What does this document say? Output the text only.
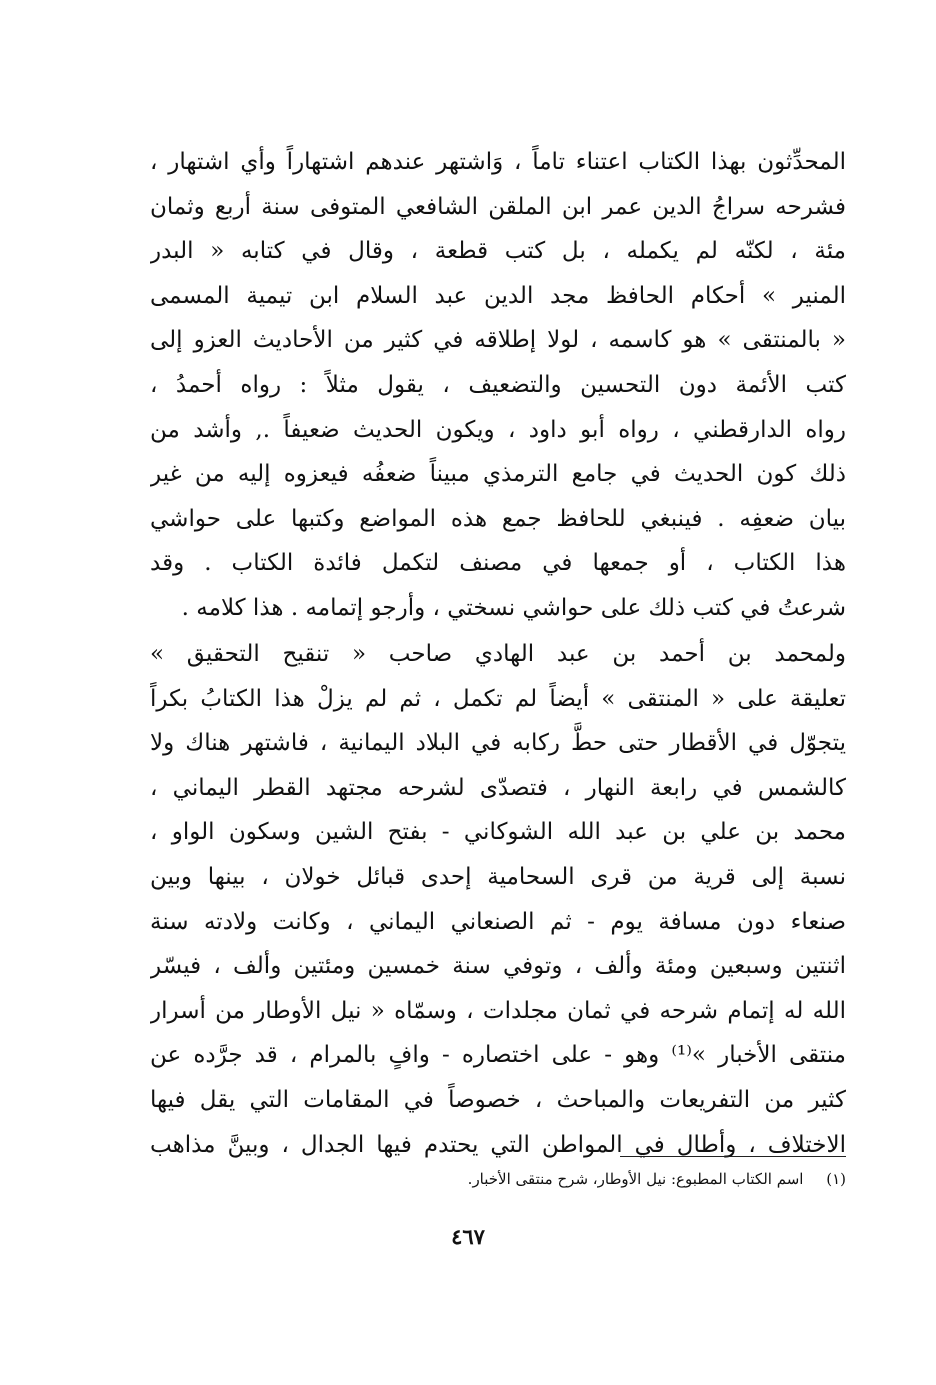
المحدِّثون بهذا الكتاب اعتناء تاماً ، وَاشتهر عندهم اشتهاراً وأي اشتهار ،
فشرحه سراجُ الدين عمر ابن الملقن الشافعي المتوفى سنة أربع وثمان
مئة ، لكنّه لم يكمله ، بل كتب قطعة ، وقال في كتابه « البدر
المنير » أحكام الحافظ مجد الدين عبد السلام ابن تيمية المسمى
« بالمنتقى » هو كاسمه ، لولا إطلاقه في كثير من الأحاديث العزو إلى
كتب الأئمة دون التحسين والتضعيف ، يقول مثلاً : رواه أحمدُ ،
رواه الدارقطني ، رواه أبو داود ، ويكون الحديث ضعيفاً ., وأشد من
ذلك كون الحديث في جامع الترمذي مبيناً ضعفُه فيعزوه إليه من غير
بيان ضعفِه . فينبغي للحافظ جمع هذه المواضع وكتبها على حواشي
هذا الكتاب ، أو جمعها في مصنف لتكمل فائدة الكتاب . وقد
شرعتُ في كتب ذلك على حواشي نسختي ، وأرجو إتمامه . هذا كلامه .
ولمحمد بن أحمد بن عبد الهادي صاحب « تنقيح التحقيق »
تعليقة على « المنتقى » أيضاً لم تكمل ، ثم لم يزلْ هذا الكتابُ بكراً
يتجوّل في الأقطار حتى حطَّ ركابه في البلاد اليمانية ، فاشتهر هناك ولا
كالشمس في رابعة النهار ، فتصدّى لشرحه مجتهد القطر اليماني ،
محمد بن علي بن عبد الله الشوكاني - بفتح الشين وسكون الواو ،
نسبة إلى قرية من قرى السحامية إحدى قبائل خولان ، بينها وبين
صنعاء دون مسافة يوم - ثم الصنعاني اليماني ، وكانت ولادته سنة
اثنتين وسبعين ومئة وألف ، وتوفي سنة خمسين ومئتين وألف ، فيسّر
الله له إتمام شرحه في ثمان مجلدات ، وسمّاه « نيل الأوطار من أسرار
منتقى الأخبار »⁽¹⁾ وهو - على اختصاره - وافٍ بالمرام ، قد جرَّده عن
كثير من التفريعات والمباحث ، خصوصاً في المقامات التي يقل فيها
الاختلاف ، وأطال في المواطن التي يحتدم فيها الجدال ، وبينَّ مذاهب
(١) اسم الكتاب المطبوع: نيل الأوطار، شرح منتقى الأخبار.
٤٦٧
